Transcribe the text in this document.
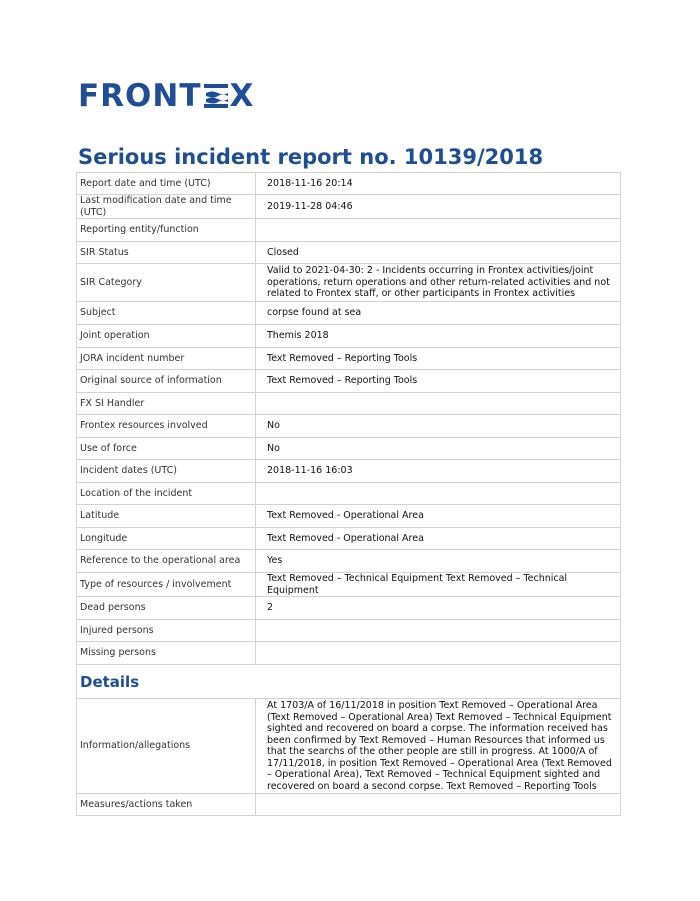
FRONT X
Serious incident report no. 10139/2018
Report date and time (UTC)	2018-11-16 20:14
Last modification date and time (UTC)	2019-11-28 04:46
Reporting entity/function	
SIR Status	Closed
SIR Category	Valid to 2021-04-30: 2 - Incidents occurring in Frontex activities/joint operations, return operations and other return-related activities and not related to Frontex staff, or other participants in Frontex activities
Subject	corpse found at sea
Joint operation	Themis 2018
JORA incident number	Text Removed – Reporting Tools
Original source of information	Text Removed – Reporting Tools
FX SI Handler	
Frontex resources involved	No
Use of force	No
Incident dates (UTC)	2018-11-16 16:03
Location of the incident	
Latitude	Text Removed - Operational Area
Longitude	Text Removed - Operational Area
Reference to the operational area	Yes
Type of resources / involvement	Text Removed – Technical Equipment Text Removed – Technical Equipment
Dead persons	2
Injured persons	
Missing persons	
Details	
Information/allegations	At 1703/A of 16/11/2018 in position Text Removed – Operational Area (Text Removed – Operational Area) Text Removed – Technical Equipment sighted and recovered on board a corpse. The information received has been confirmed by Text Removed – Human Resources that informed us that the searchs of the other people are still in progress. At 1000/A of 17/11/2018, in position Text Removed – Operational Area (Text Removed – Operational Area), Text Removed – Technical Equipment sighted and recovered on board a second corpse. Text Removed – Reporting Tools
Measures/actions taken	
